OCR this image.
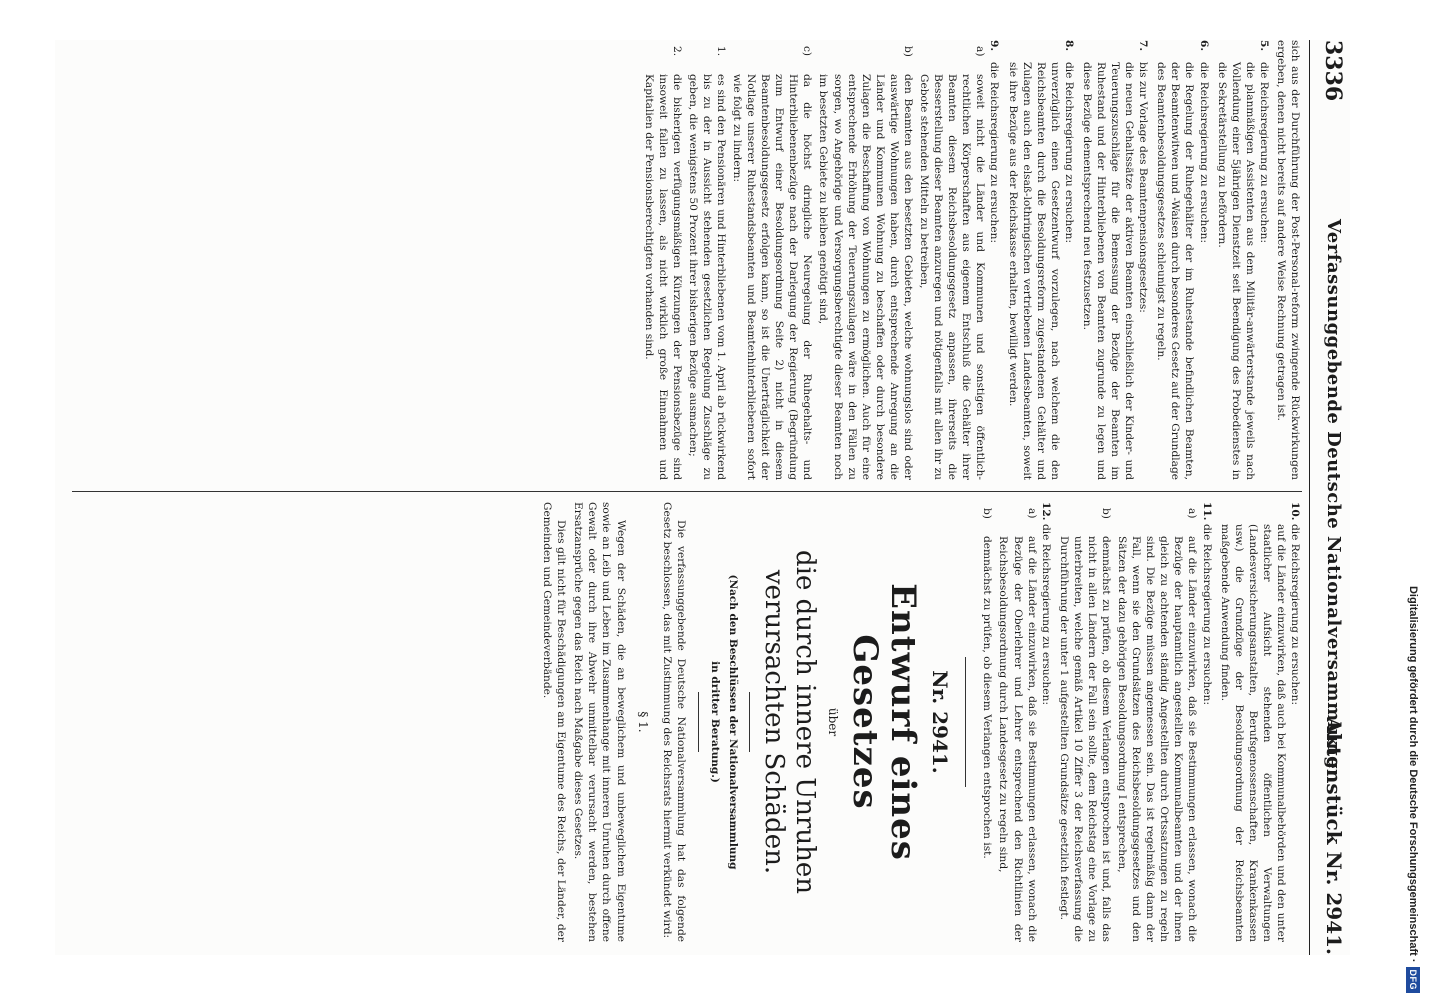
3336
Verfassunggebende Deutsche Nationalversammlung.
Aktenstück Nr. 2941.

sich aus der Durchführung der Post-Personal-reform zwingende Rückwirkungen ergeben, denen nicht bereits auf andere Weise Rechnung getragen ist.

5.die Reichsregierung zu ersuchen:
die planmäßigen Assistenten aus dem Militär-anwärterstande jeweils nach Vollendung einer 5jährigen Dienstzeit seit Beendigung des Probedienstes in die Sekretärstellung zu befördern.
6.die Reichsregierung zu ersuchen:
die Regelung der Ruhegehälter der im Ruhestande befindlichen Beamten, der Beamtenwitwen und -Waisen durch besonderes Gesetz auf der Grundlage des Beamtenbesoldungsgesetzes schleunigst zu regeln.
7.bis zur Vorlage des Beamtenpensionsgesetzes:
die neuen Gehaltssätze der aktiven Beamten einschließlich der Kinder- und Teuerungszuschläge für die Bemessung der Bezüge der Beamten im Ruhestand und der Hinterbliebenen von Beamten zugrunde zu legen und diese Bezüge dementsprechend neu festzusetzen.
8.die Reichsregierung zu ersuchen:
unverzüglich einen Gesetzentwurf vorzulegen, nach welchem die den Reichsbeamten durch die Besoldungsreform zugestandenen Gehälter und Zulagen auch den elsaß-lothringischen vertriebenen Landesbeamten, soweit sie ihre Bezüge aus der Reichskasse erhalten, bewilligt werden.
9.die Reichsregierung zu ersuchen:
a)
soweit nicht die Länder und Kommunen und sonstigen öffentlich-rechtlichen Körperschaften aus eigenem Entschluß die Gehälter ihrer Beamten diesem Reichsbesoldungsgesetz anpassen, ihrerseits die Besserstellung dieser Beamten anzuregen und nötigenfalls mit allen ihr zu Gebote stehenden Mitteln zu betreiben,
b)
den Beamten aus den besetzten Gebieten, welche wohnungslos sind oder auswärtige Wohnungen haben, durch entsprechende Anregung an die Länder und Kommunen Wohnung zu beschaffen oder durch besondere Zulagen die Beschaffung von Wohnungen zu ermöglichen. Auch für eine entsprechende Erhöhung der Teuerungszulagen wäre in den Fällen zu sorgen, wo Angehörige und Versorgungsberechtigte dieser Beamten noch im besetzten Gebiete zu bleiben genötigt sind,
c)
da die höchst dringliche Neuregelung der Ruhegehalts- und Hinterbliebenenbezüge nach der Darlegung der Regierung (Begründung zum Entwurf einer Besoldungsordnung Seite 2) nicht in diesem Beamtenbesoldungsgesetz erfolgen kann, so ist die Unerträglichkeit der Notlage unserer Ruhestandsbeamten und Beamtenhinterbliebenen sofort wie folgt zu lindern:
1.
es sind den Pensionären und Hinterbliebenen vom 1. April ab rückwirkend bis zu der in Aussicht stehenden gesetzlichen Regelung Zuschläge zu geben, die wenigstens 50 Prozent ihrer bisherigen Bezüge ausmachen;
2.
die bisherigen verfügungsmäßigen Kürzungen der Pensionsbezüge sind insoweit fallen zu lassen, als nicht wirklich große Einnahmen und Kapitalien der Pensionsberechtigten vorhanden sind.
10.die Reichsregierung zu ersuchen:
auf die Länder einzuwirken, daß auch bei Kommunalbehörden und den unter staatlicher Aufsicht stehenden öffentlichen Verwaltungen (Landesversicherungsanstalten, Berufsgenossenschaften, Krankenkassen usw.) die Grundzüge der Besoldungsordnung der Reichsbeamten maßgebende Anwendung finden.
11.die Reichsregierung zu ersuchen:
a)
auf die Länder einzuwirken, daß sie Bestimmungen erlassen, wonach die Bezüge der hauptamtlich angestellten Kommunalbeamten und der ihnen gleich zu achtenden ständig Angestellten durch Ortssatzungen zu regeln sind. Die Bezüge müssen angemessen sein. Das ist regelmäßig dann der Fall, wenn sie den Grundsätzen des Reichsbesoldungsgesetzes und den Sätzen der dazu gehörigen Besoldungsordnung I entsprechen,
b)
demnächst zu prüfen, ob diesem Verlangen entsprochen ist und, falls das nicht in allen Ländern der Fall sein sollte, dem Reichstag eine Vorlage zu unterbreiten, welche gemäß Artikel 10 Ziffer 3 der Reichsverfassung die Durchführung der unter 1 aufgestellten Grundsätze gesetzlich festlegt.
12.die Reichsregierung zu ersuchen:
a)
auf die Länder einzuwirken, daß sie Bestimmungen erlassen, wonach die Bezüge der Oberlehrer und Lehrer entsprechend den Richtlinien der Reichsbesoldungsordnung durch Landesgesetz zu regeln sind,
b)
demnächst zu prüfen, ob diesem Verlangen entsprochen ist.
Nr. 2941.
Entwurf eines Gesetzes
über
die durch innere Unruhen verursachten Schäden.
(Nach den Beschlüssen der Nationalversammlung
in dritter Beratung.)

Die verfassunggebende Deutsche Nationalversammlung hat das folgende Gesetz beschlossen, das mit Zustimmung des Reichsrats hiermit verkündet wird:

§ 1.

Wegen der Schäden, die an beweglichem und unbeweglichem Eigentume sowie an Leib und Leben im Zusammenhange mit inneren Unruhen durch offene Gewalt oder durch ihre Abwehr unmittelbar verursacht werden, bestehen Ersatzansprüche gegen das Reich nach Maßgabe dieses Gesetzes.

Dies gilt nicht für Beschädigungen am Eigentume des Reichs, der Länder, der Gemeinden und Gemeindeverbände.	Digitalisierung gefördert durch die Deutsche Forschungsgemeinschaft ·
DFG
